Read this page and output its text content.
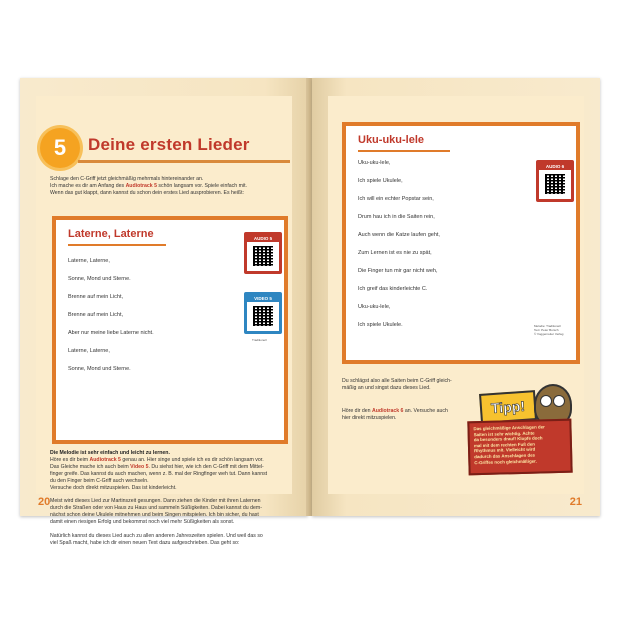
5 Deine ersten Lieder
Schlage den C-Griff jetzt gleichmäßig mehrmals hintereinander an.
Ich mache es dir am Anfang des Audiotrack 5 schön langsam vor. Spiele einfach mit.
Wenn das gut klappt, dann kannst du schon dein erstes Lied ausprobieren. Es heißt:
Laterne, Laterne
Laterne, Laterne,
Sonne, Mond und Sterne.
Brenne auf mein Licht,
Brenne auf mein Licht,
Aber nur meine liebe Laterne nicht.
Laterne, Laterne,
Sonne, Mond und Sterne.
AUDIO 5
VIDEO 5
Traditionell
Die Melodie ist sehr einfach und leicht zu lernen.
Höre es dir beim Audiotrack 5 genau an. Hier singe und spiele ich es dir schön langsam vor.
Das Gleiche mache ich auch beim Video 5. Du siehst hier, wie ich den C-Griff mit dem Mittel-
finger greife. Das kannst du auch machen, wenn z. B. mal der Ringfinger weh tut. Dann kannst
du den Finger beim C-Griff auch wechseln.
Versuche doch direkt mitzuspielen. Das ist kinderleicht.
Meist wird dieses Lied zur Martinszeit gesungen. Dann ziehen die Kinder mit ihren Laternen
durch die Straßen oder von Haus zu Haus und sammeln Süßigkeiten. Dabei kannst du dem-
nächst schon deine Ukulele mitnehmen und beim Singen mitspielen. Ich bin sicher, du hast
damit einen riesigen Erfolg und bekommst noch viel mehr Süßigkeiten als sonst.
Natürlich kannst du dieses Lied auch zu allen anderen Jahreszeiten spielen. Und weil das so
viel Spaß macht, habe ich dir einen neuen Text dazu aufgeschrieben. Das geht so:
20
Uku-uku-lele
Uku-uku-lele,
Ich spiele Ukulele,
Ich will ein echter Popstar sein,
Drum hau ich in die Saiten rein,
Auch wenn die Katze laufen geht,
Zum Lernen ist es nie zu spät,
Die Finger tun mir gar nicht weh,
Ich greif das kinderleichte C.
Uku-uku-lele,
Ich spiele Ukulele.
AUDIO 6
Melodie: Traditionell
Text: Peter Bursch
© Voggenreiter Verlag
Du schlägst also alle Saiten beim C-Griff gleich-
mäßig an und singst dazu dieses Lied.
Höre dir den Audiotrack 6 an. Versuche auch
hier direkt mitzuspielen.
Tipp!

Das gleichmäßige Anschlagen der

Saiten ist sehr wichtig. Achte

da besonders drauf! Klopfe doch

mal mit dem rechten Fuß den

Rhythmus mit. Vielleicht wird

dadurch das Anschlagen des

C-Griffes noch gleichmäßiger.

21
